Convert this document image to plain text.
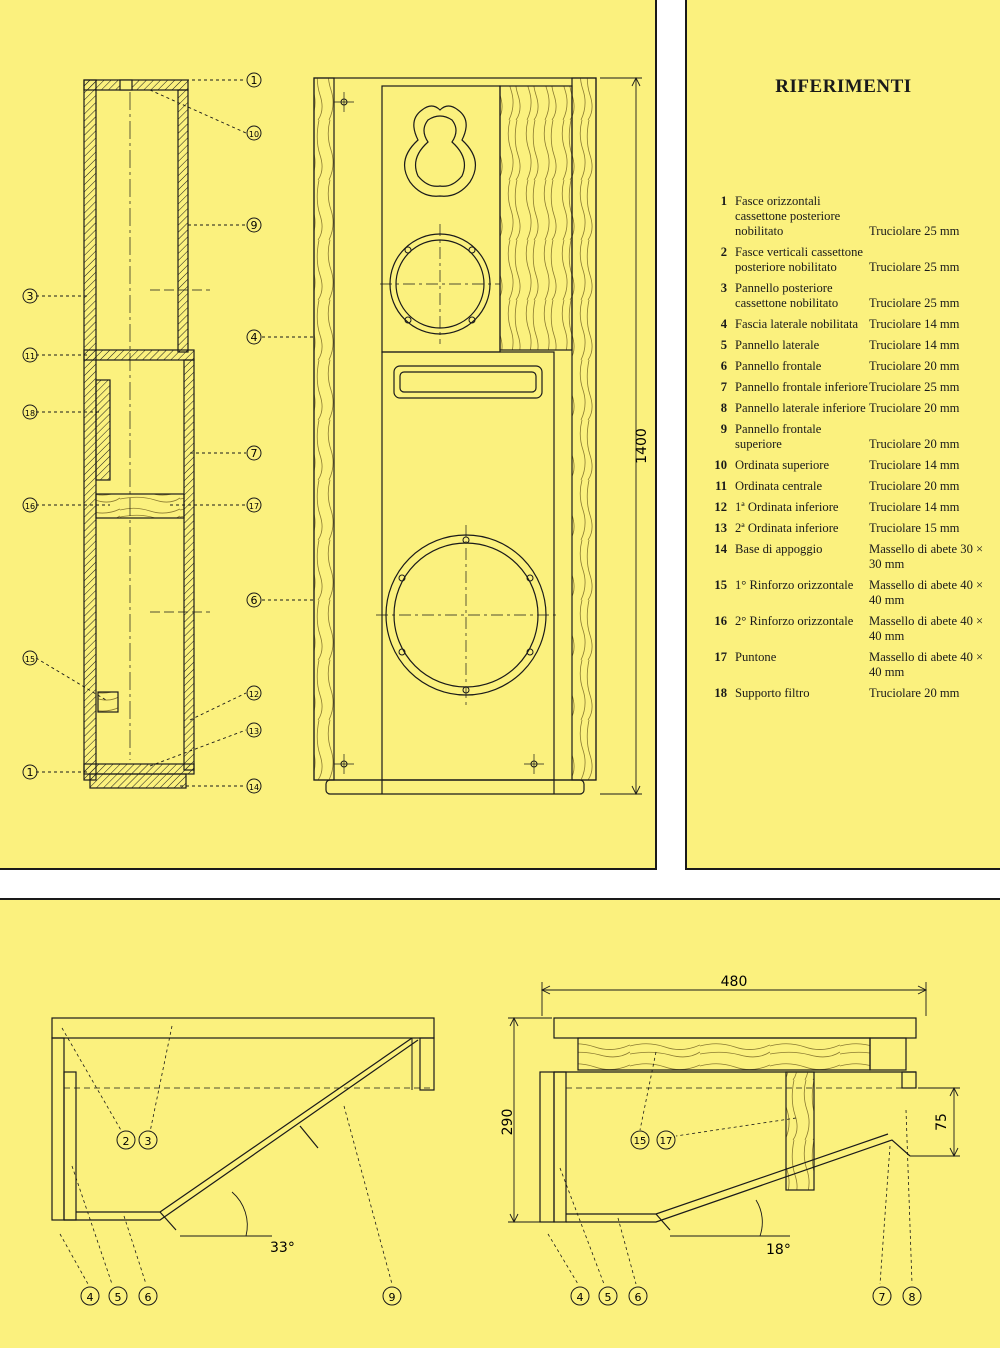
1
10
9
3
4
11
7
18
16	17
6
15
12
13
1
14
1400
RIFERIMENTI
1	Fasce orizzontali cassettone posteriore nobilitato	Truciolare 25 mm
2	Fasce verticali cassettone posteriore nobilitato	Truciolare 25 mm
3	Pannello posteriore cassettone nobilitato	Truciolare 25 mm
4	Fascia laterale nobilitata	Truciolare 14 mm
5	Pannello laterale	Truciolare 14 mm
6	Pannello frontale	Truciolare 20 mm
7	Pannello frontale inferiore	Truciolare 25 mm
8	Pannello laterale inferiore	Truciolare 20 mm
9	Pannello frontale superiore	Truciolare 20 mm
10	Ordinata superiore	Truciolare 14 mm
11	Ordinata centrale	Truciolare 20 mm
12	1ª Ordinata inferiore	Truciolare 14 mm
13	2ª Ordinata inferiore	Truciolare 15 mm
14	Base di appoggio	Massello di abete 30 × 30 mm
15	1° Rinforzo orizzontale	Massello di abete 40 × 40 mm
16	2° Rinforzo orizzontale	Massello di abete 40 × 40 mm
17	Puntone	Massello di abete 40 × 40 mm
18	Supporto filtro	Truciolare 20 mm
33°
2 3
4 5 6	9
18°
480
290	75
15 17
4 5 6	7 8
